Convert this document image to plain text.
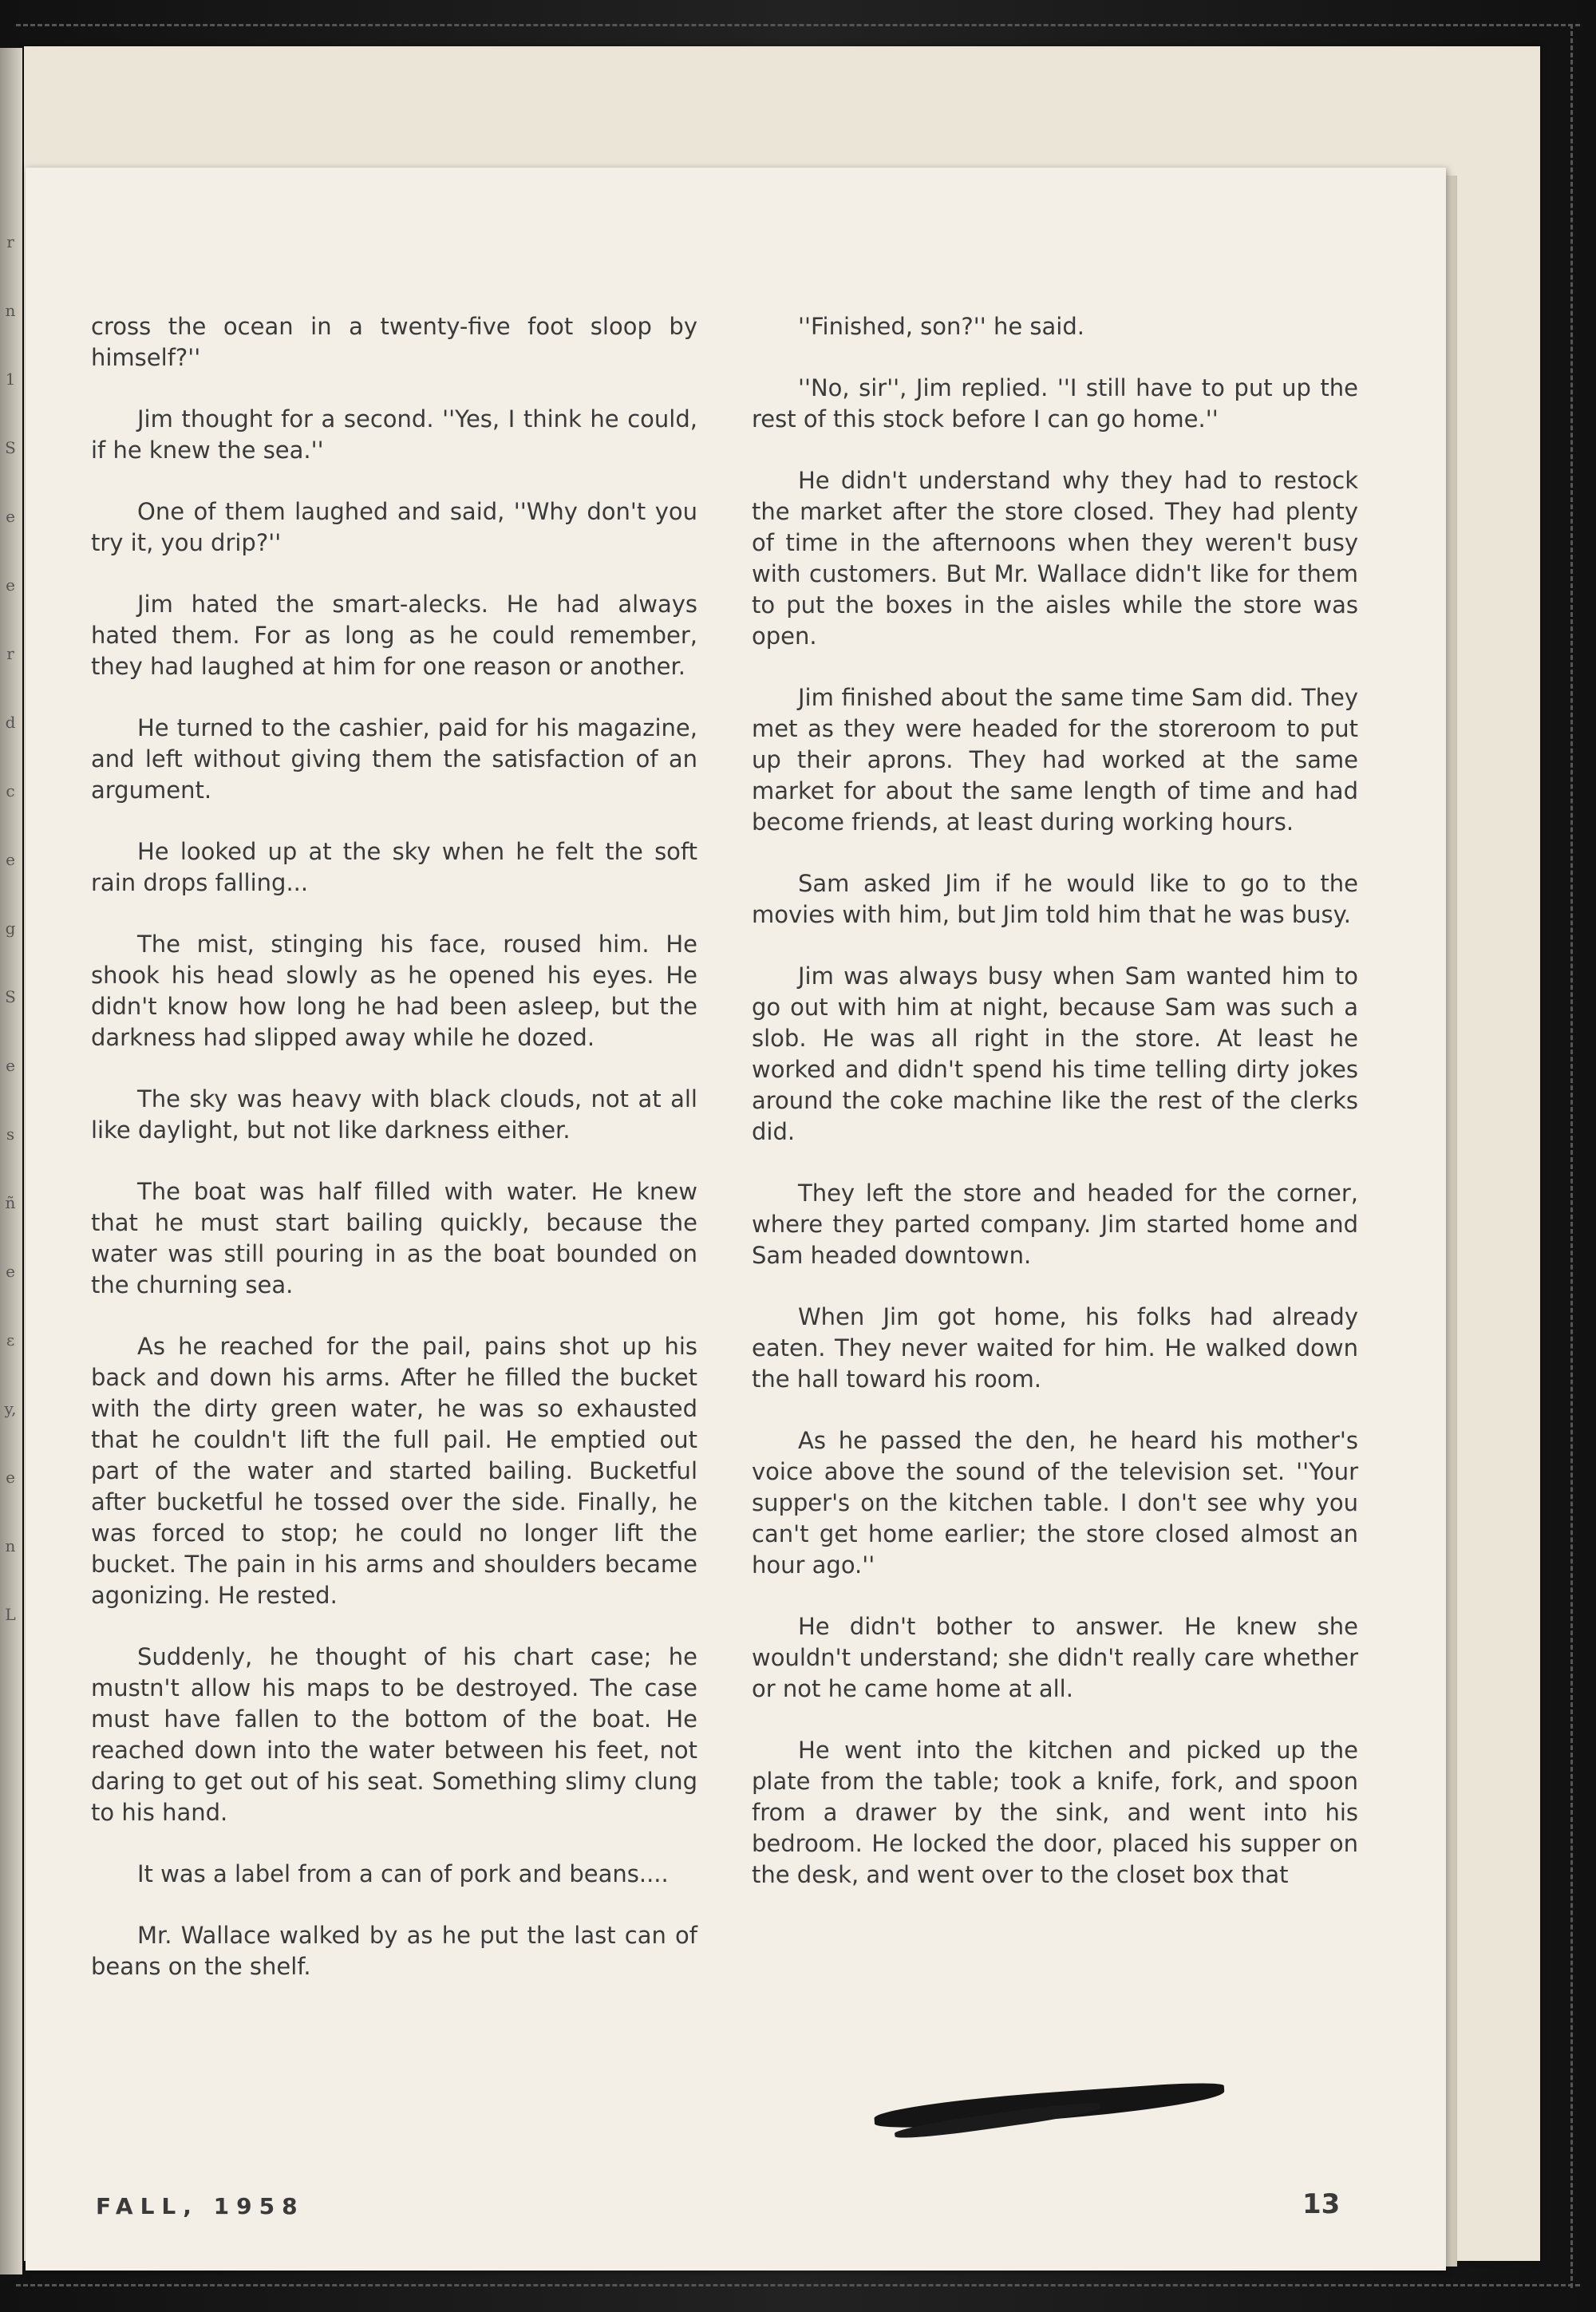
r
n
1
S
e
e
r
d
c
e
g
S
e
s
ñ
e
ɛ
y,
e
n
L

cross the ocean in a twenty-five foot sloop by himself?''

Jim thought for a second. ''Yes, I think he could, if he knew the sea.''

One of them laughed and said, ''Why don't you try it, you drip?''

Jim hated the smart-alecks. He had always hated them. For as long as he could remember, they had laughed at him for one reason or another.

He turned to the cashier, paid for his magazine, and left without giving them the satisfaction of an argument.

He looked up at the sky when he felt the soft rain drops falling...

The mist, stinging his face, roused him. He shook his head slowly as he opened his eyes. He didn't know how long he had been asleep, but the darkness had slipped away while he dozed.

The sky was heavy with black clouds, not at all like daylight, but not like darkness either.

The boat was half filled with water. He knew that he must start bailing quickly, because the water was still pouring in as the boat bounded on the churning sea.

As he reached for the pail, pains shot up his back and down his arms. After he filled the bucket with the dirty green water, he was so exhausted that he couldn't lift the full pail. He emptied out part of the water and started bailing. Bucketful after bucketful he tossed over the side. Finally, he was forced to stop; he could no longer lift the bucket. The pain in his arms and shoulders became agonizing. He rested.

Suddenly, he thought of his chart case; he mustn't allow his maps to be destroyed. The case must have fallen to the bottom of the boat. He reached down into the water between his feet, not daring to get out of his seat. Something slimy clung to his hand.

It was a label from a can of pork and beans....

Mr. Wallace walked by as he put the last can of beans on the shelf.

''Finished, son?'' he said.

''No, sir'', Jim replied. ''I still have to put up the rest of this stock before I can go home.''

He didn't understand why they had to restock the market after the store closed. They had plenty of time in the afternoons when they weren't busy with customers. But Mr. Wallace didn't like for them to put the boxes in the aisles while the store was open.

Jim finished about the same time Sam did. They met as they were headed for the storeroom to put up their aprons. They had worked at the same market for about the same length of time and had become friends, at least during working hours.

Sam asked Jim if he would like to go to the movies with him, but Jim told him that he was busy.

Jim was always busy when Sam wanted him to go out with him at night, because Sam was such a slob. He was all right in the store. At least he worked and didn't spend his time telling dirty jokes around the coke machine like the rest of the clerks did.

They left the store and headed for the corner, where they parted company. Jim started home and Sam headed downtown.

When Jim got home, his folks had already eaten. They never waited for him. He walked down the hall toward his room.

As he passed the den, he heard his mother's voice above the sound of the television set. ''Your supper's on the kitchen table. I don't see why you can't get home earlier; the store closed almost an hour ago.''

He didn't bother to answer. He knew she wouldn't understand; she didn't really care whether or not he came home at all.

He went into the kitchen and picked up the plate from the table; took a knife, fork, and spoon from a drawer by the sink, and went into his bedroom. He locked the door, placed his supper on the desk, and went over to the closet box that

FALL, 1958	13
